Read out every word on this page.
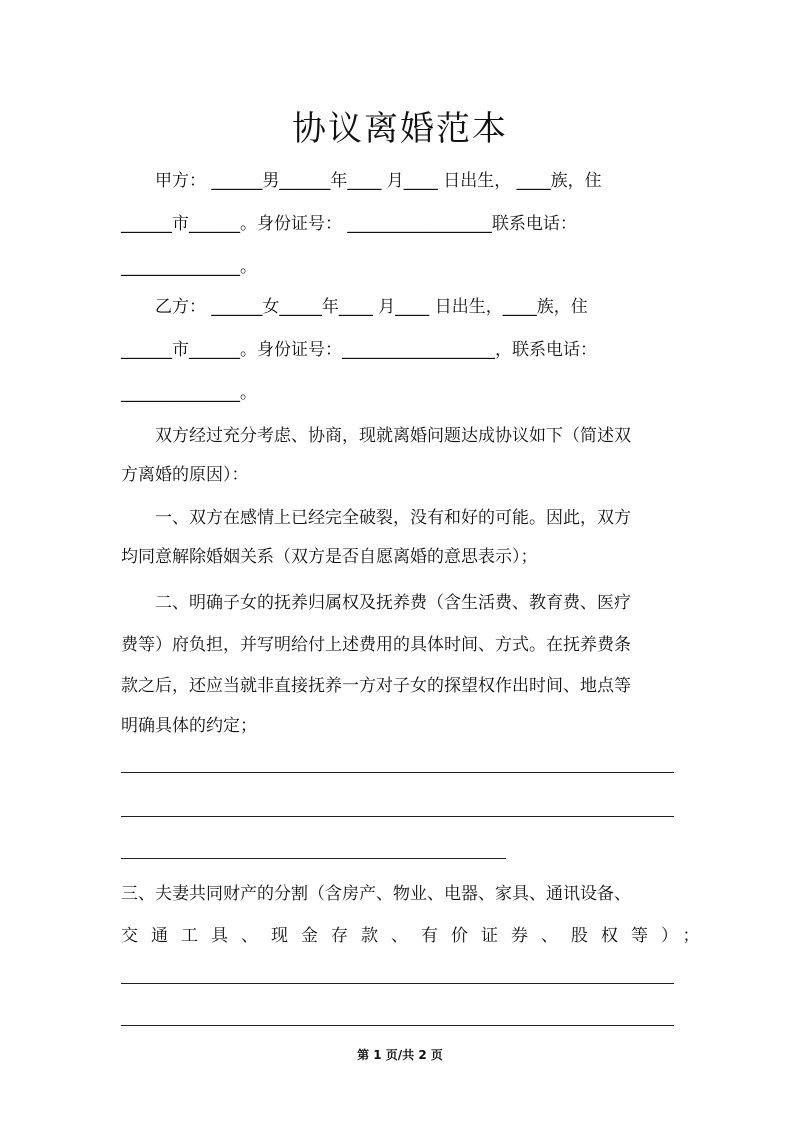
协议离婚范本
甲方： ______男______年____ 月____ 日出生， ____族，住
______市______。身份证号： _________________联系电话：
______________。
乙方： ______女_____年____ 月____ 日出生，____族，住
______市______。身份证号：__________________，联系电话：
______________。
双方经过充分考虑、协商，现就离婚问题达成协议如下（简述双
方离婚的原因）：
一、双方在感情上已经完全破裂，没有和好的可能。因此，双方
均同意解除婚姻关系（双方是否自愿离婚的意思表示）；
二、明确子女的抚养归属权及抚养费（含生活费、教育费、医疗
费等）府负担，并写明给付上述费用的具体时间、方式。在抚养费条
款之后，还应当就非直接抚养一方对子女的探望权作出时间、地点等
明确具体的约定；
三、夫妻共同财产的分割（含房产、物业、电器、家具、通讯设备、
交通工具、现金存款、有价证券、股权等）；
第 1 页/共 2 页
